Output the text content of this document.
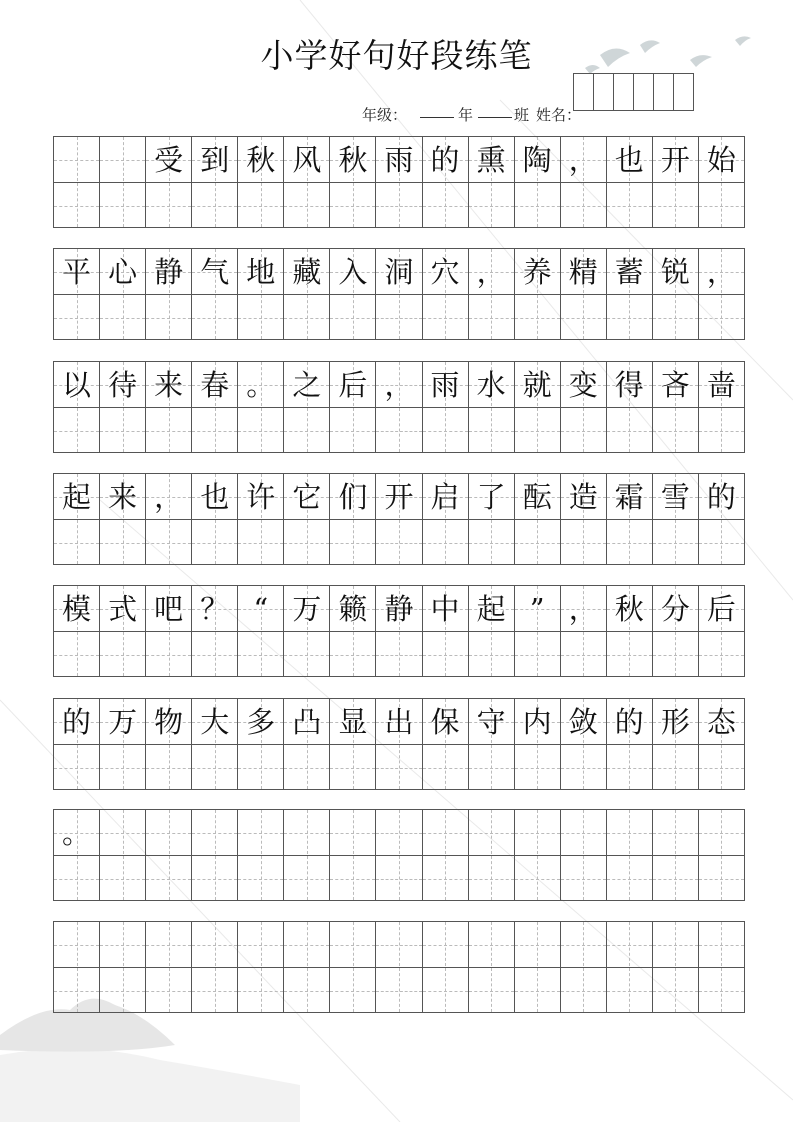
小学好句好段练笔
年级：	年	班 姓名：
受 到 秋 风 秋 雨 的 熏 陶 ， 也 开 始
平 心 静 气 地 藏 入 洞 穴 ， 养 精 蓄 锐 ，
以 待 来 春 。 之 后 ， 雨 水 就 变 得 吝 啬
起 来 ， 也 许 它 们 开 启 了 酝 造 霜 雪 的
模 式 吧 ？ “ 万 籁 静 中 起 ” ， 秋 分 后
的 万 物 大 多 凸 显 出 保 守 内 敛 的 形 态
。
